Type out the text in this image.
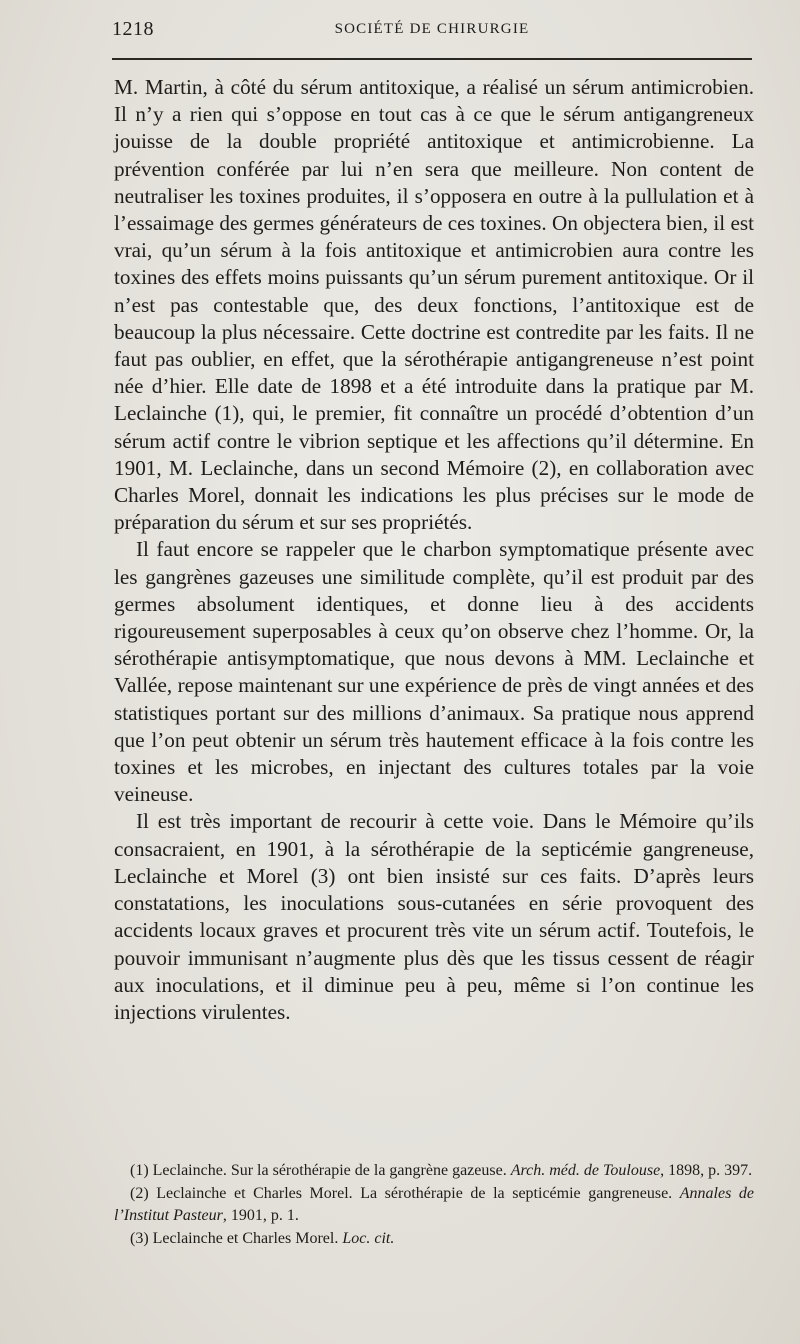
1218	SOCIÉTÉ DE CHIRURGIE

M. Martin, à côté du sérum antitoxique, a réalisé un sérum antimicrobien. Il n’y a rien qui s’oppose en tout cas à ce que le sérum antigangreneux jouisse de la double propriété antitoxique et antimicrobienne. La prévention conférée par lui n’en sera que meilleure. Non content de neutraliser les toxines produites, il s’opposera en outre à la pullulation et à l’essaimage des germes générateurs de ces toxines. On objectera bien, il est vrai, qu’un sérum à la fois antitoxique et antimicrobien aura contre les toxines des effets moins puissants qu’un sérum purement antitoxique. Or il n’est pas contestable que, des deux fonctions, l’antitoxique est de beaucoup la plus nécessaire. Cette doctrine est contredite par les faits. Il ne faut pas oublier, en effet, que la sérothérapie antigangreneuse n’est point née d’hier. Elle date de 1898 et a été introduite dans la pratique par M. Leclainche (1), qui, le premier, fit connaître un procédé d’obtention d’un sérum actif contre le vibrion septique et les affections qu’il détermine. En 1901, M. Leclainche, dans un second Mémoire (2), en collaboration avec Charles Morel, donnait les indications les plus précises sur le mode de préparation du sérum et sur ses propriétés.

Il faut encore se rappeler que le charbon symptomatique présente avec les gangrènes gazeuses une similitude complète, qu’il est produit par des germes absolument identiques, et donne lieu à des accidents rigoureusement superposables à ceux qu’on observe chez l’homme. Or, la sérothérapie antisymptomatique, que nous devons à MM. Leclainche et Vallée, repose maintenant sur une expérience de près de vingt années et des statistiques portant sur des millions d’animaux. Sa pratique nous apprend que l’on peut obtenir un sérum très hautement efficace à la fois contre les toxines et les microbes, en injectant des cultures totales par la voie veineuse.

Il est très important de recourir à cette voie. Dans le Mémoire qu’ils consacraient, en 1901, à la sérothérapie de la septicémie gangreneuse, Leclainche et Morel (3) ont bien insisté sur ces faits. D’après leurs constatations, les inoculations sous-cutanées en série provoquent des accidents locaux graves et procurent très vite un sérum actif. Toutefois, le pouvoir immunisant n’augmente plus dès que les tissus cessent de réagir aux inoculations, et il diminue peu à peu, même si l’on continue les injections virulentes.

(1) Leclainche. Sur la sérothérapie de la gangrène gazeuse. Arch. méd. de Toulouse, 1898, p. 397.

(2) Leclainche et Charles Morel. La sérothérapie de la septicémie gangreneuse. Annales de l’Institut Pasteur, 1901, p. 1.

(3) Leclainche et Charles Morel. Loc. cit.
